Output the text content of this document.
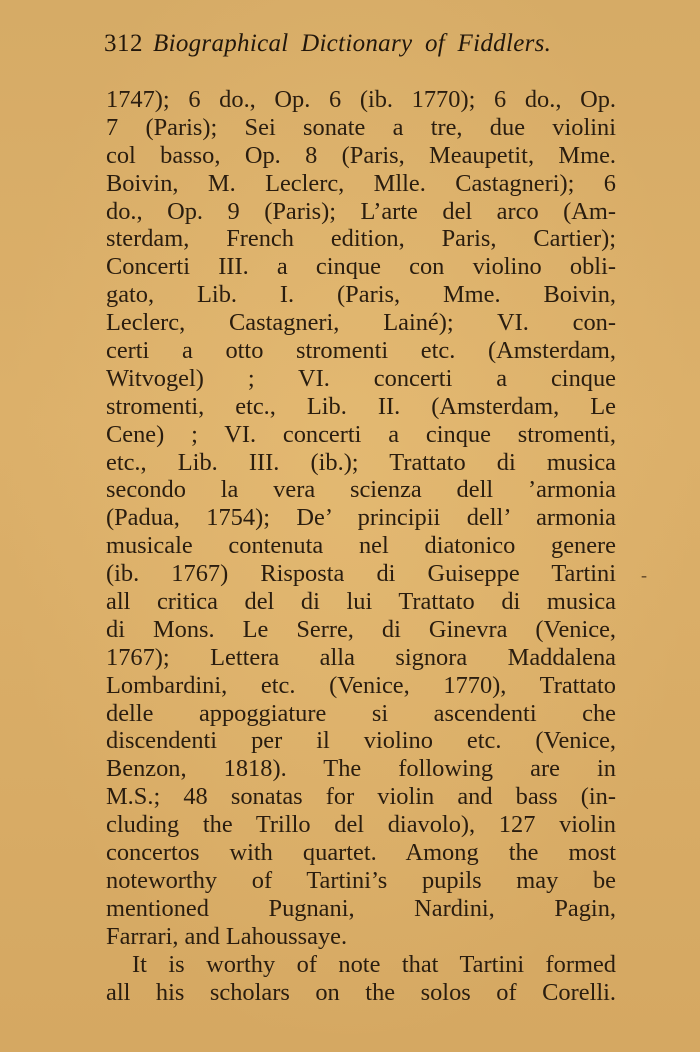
312 Biographical Dictionary of Fiddlers.
1747); 6 do., Op. 6 (ib. 1770); 6 do., Op.
7 (Paris); Sei sonate a tre, due violini
col basso, Op. 8 (Paris, Meaupetit, Mme.
Boivin, M. Leclerc, Mlle. Castagneri); 6
do., Op. 9 (Paris); L’arte del arco (Am-
sterdam, French edition, Paris, Cartier);
Concerti III. a cinque con violino obli-
gato, Lib. I. (Paris, Mme. Boivin,
Leclerc, Castagneri, Lainé); VI. con-
certi a otto stromenti etc. (Amsterdam,
Witvogel) ; VI. concerti a cinque
stromenti, etc., Lib. II. (Amsterdam, Le
Cene) ; VI. concerti a cinque stromenti,
etc., Lib. III. (ib.); Trattato di musica
secondo la vera scienza dell ’armonia
(Padua, 1754); De’ principii dell’ armonia
musicale contenuta nel diatonico genere
(ib. 1767) Risposta di Guiseppe Tartini
all critica del di lui Trattato di musica
di Mons. Le Serre, di Ginevra (Venice,
1767); Lettera alla signora Maddalena
Lombardini, etc. (Venice, 1770), Trattato
delle appoggiature si ascendenti che
discendenti per il violino etc. (Venice,
Benzon, 1818). The following are in
M.S.; 48 sonatas for violin and bass (in-
cluding the Trillo del diavolo), 127 violin
concertos with quartet. Among the most
noteworthy of Tartini’s pupils may be
mentioned Pugnani, Nardini, Pagin,
Farrari, and Lahoussaye.
It is worthy of note that Tartini formed
all his scholars on the solos of Corelli.
-
